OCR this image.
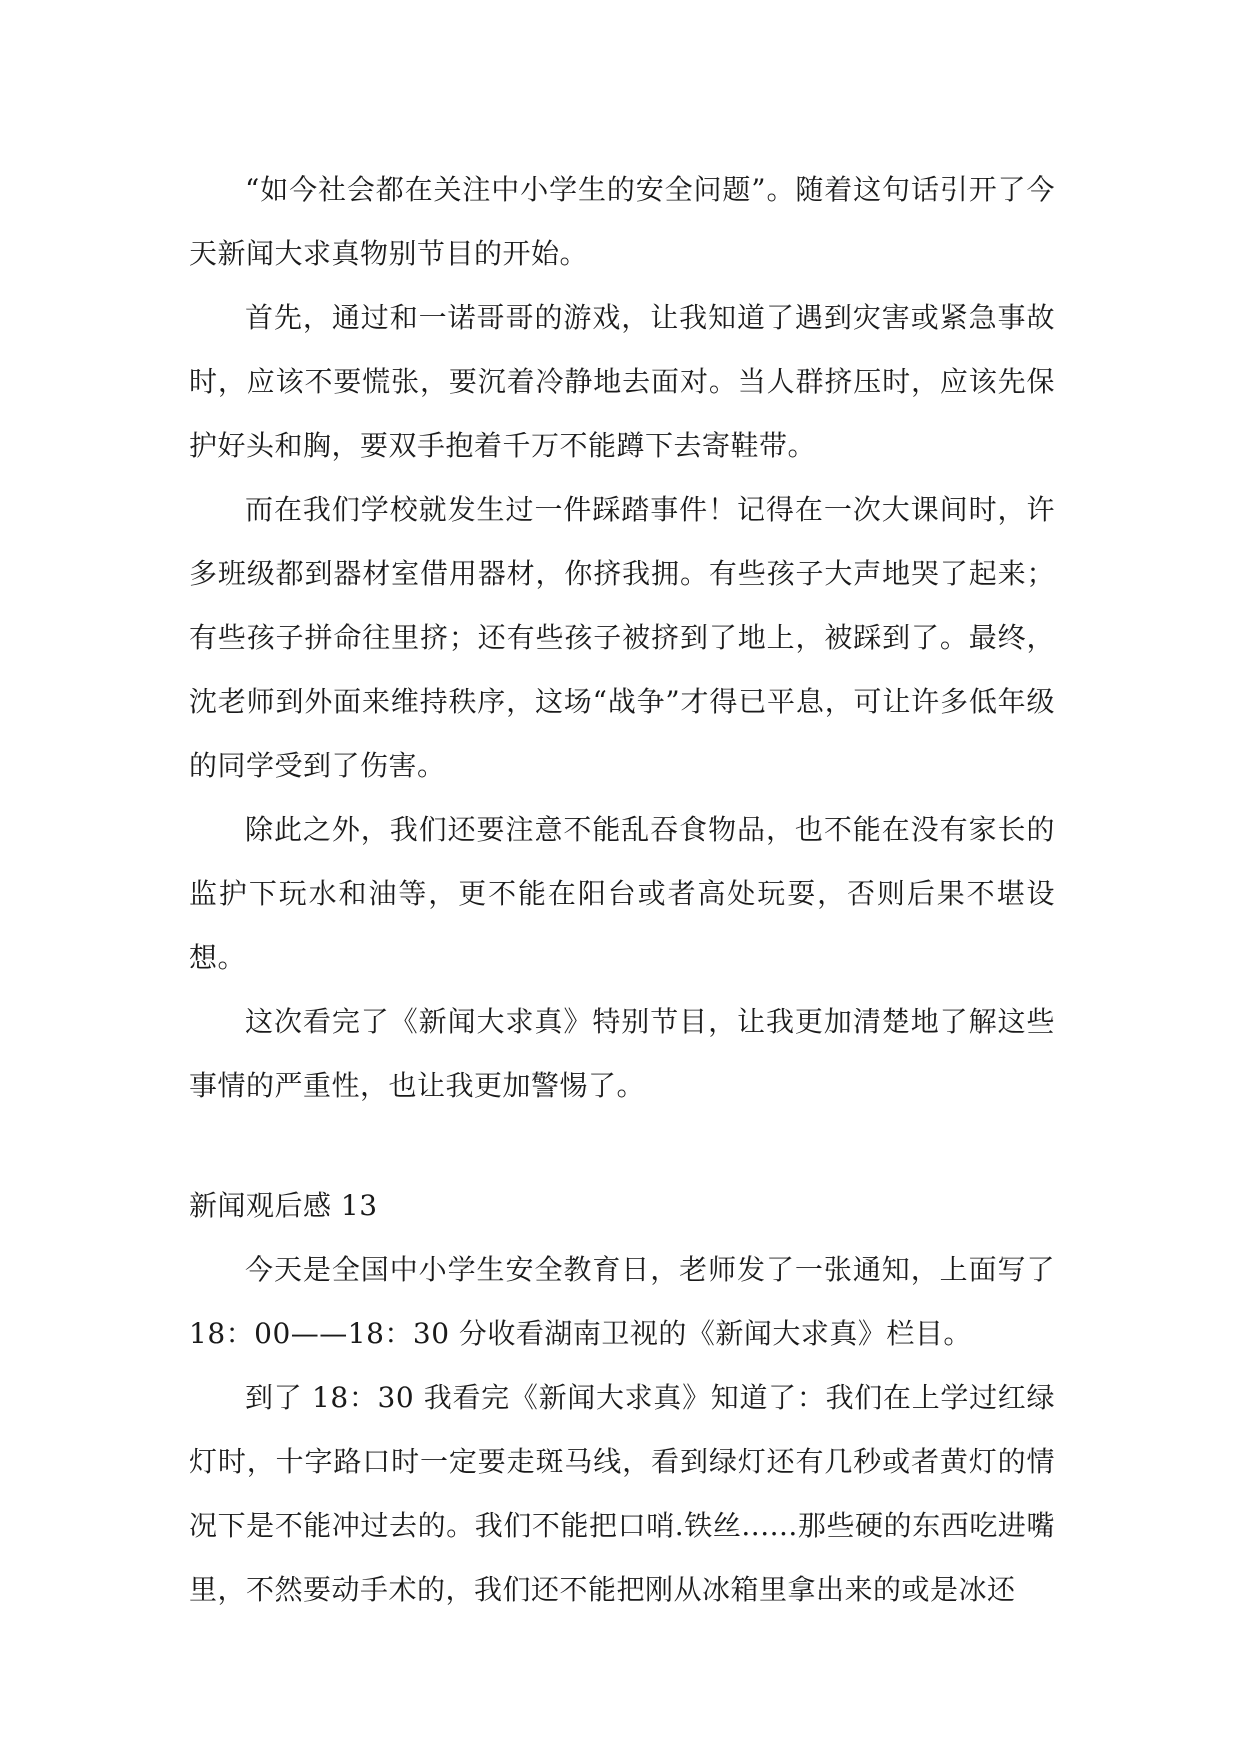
“如今社会都在关注中小学生的安全问题”。随着这句话引开了今天新闻大求真物别节目的开始。

首先，通过和一诺哥哥的游戏，让我知道了遇到灾害或紧急事故时，应该不要慌张，要沉着冷静地去面对。当人群挤压时，应该先保护好头和胸，要双手抱着千万不能蹲下去寄鞋带。

而在我们学校就发生过一件踩踏事件！记得在一次大课间时，许多班级都到器材室借用器材，你挤我拥。有些孩子大声地哭了起来；有些孩子拼命往里挤；还有些孩子被挤到了地上，被踩到了。最终，沈老师到外面来维持秩序，这场“战争”才得已平息，可让许多低年级的同学受到了伤害。

除此之外，我们还要注意不能乱吞食物品，也不能在没有家长的监护下玩水和油等，更不能在阳台或者高处玩耍，否则后果不堪设想。

这次看完了《新闻大求真》特别节目，让我更加清楚地了解这些事情的严重性，也让我更加警惕了。

新闻观后感 13

今天是全国中小学生安全教育日，老师发了一张通知，上面写了18：00——18：30 分收看湖南卫视的《新闻大求真》栏目。

到了 18：30 我看完《新闻大求真》知道了：我们在上学过红绿灯时，十字路口时一定要走斑马线，看到绿灯还有几秒或者黄灯的情况下是不能冲过去的。我们不能把口哨.铁丝......那些硬的东西吃进嘴里，不然要动手术的，我们还不能把刚从冰箱里拿出来的或是冰还
